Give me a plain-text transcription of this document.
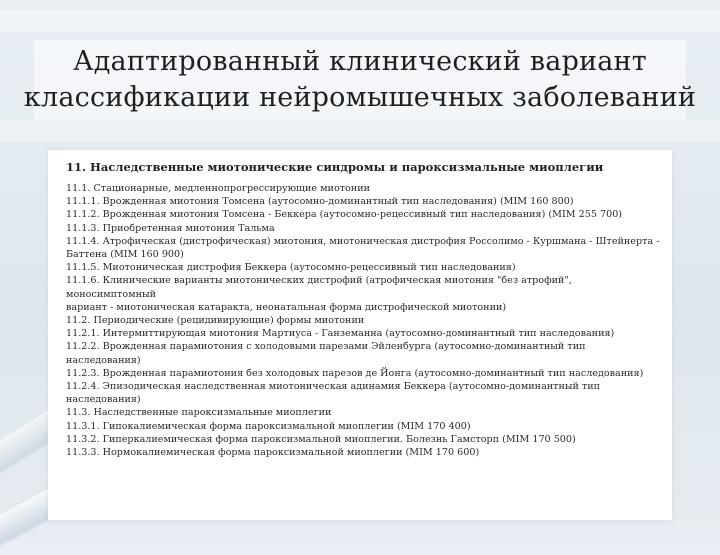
Адаптированный клинический вариант
классификации нейромышечных заболеваний
11. Наследственные миотонические синдромы и пароксизмальные миоплегии
11.1. Стационарные, медленнопрогрессирующие миотонии
11.1.1. Врожденная миотония Томсена (аутосомно-доминантный тип наследования) (МІМ 160 800)
11.1.2. Врожденная миотония Томсена - Беккера (аутосомно-рецессивный тип наследования) (МІМ 255 700)
11.1.3. Приобретенная миотония Тальма
11.1.4. Атрофическая (дистрофическая) миотония, миотоническая дистрофия Россолимо - Куршмана - Штейнерта -
Баттена (МІМ 160 900)
11.1.5. Миотоническая дистрофия Беккера (аутосомно-рецессивный тип наследования)
11.1.6. Клинические варианты миотонических дистрофий (атрофическая миотония "без атрофий", моносимптомный
вариант - миотоническая катаракта, неонатальная форма дистрофической миотонии)
11.2. Периодические (рецидивирующие) формы миотонии
11.2.1. Интермиттирующая миотония Мартиуса - Ганземанна (аутосомно-доминантный тип наследования)
11.2.2. Врожденная парамиотония с холодовыми парезами Эйленбурга (аутосомно-доминантный тип наследования)
11.2.3. Врожденная парамиотония без холодовых парезов де Йонга (аутосомно-доминантный тип наследования)
11.2.4. Эпизодическая наследственная миотоническая адинамия Беккера (аутосомно-доминантный тип наследования)
11.3. Наследственные пароксизмальные миоплегии
11.3.1. Гипокалиемическая форма пароксизмальной миоплегии (МІМ 170 400)
11.3.2. Гиперкалиемическая форма пароксизмальной миоплегии. Болезнь Гамсторп (МІМ 170 500)
11.3.3. Нормокалиемическая форма пароксизмальной миоплегии (МІМ 170 600)
